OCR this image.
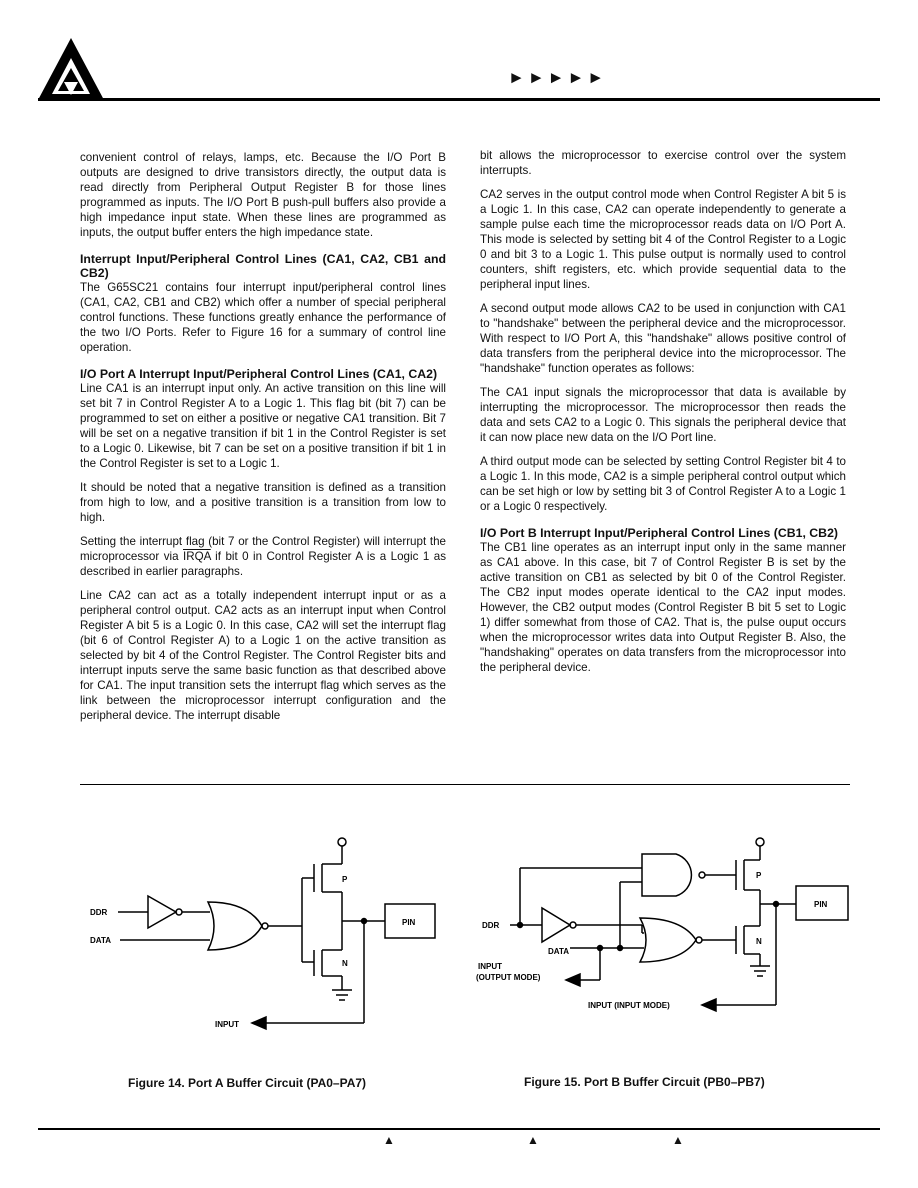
►►►►►

convenient control of relays, lamps, etc. Because the I/O Port B outputs are designed to drive transistors directly, the output data is read directly from Peripheral Output Register B for those lines programmed as inputs. The I/O Port B push-pull buffers also provide a high impedance input state. When these lines are programmed as inputs, the output buffer enters the high impedance state.

Interrupt Input/Peripheral Control Lines (CA1, CA2, CB1 and CB2)

The G65SC21 contains four interrupt input/peripheral control lines (CA1, CA2, CB1 and CB2) which offer a number of special peripheral control functions. These functions greatly enhance the performance of the two I/O Ports. Refer to Figure 16 for a summary of control line operation.

I/O Port A Interrupt Input/Peripheral Control Lines (CA1, CA2)

Line CA1 is an interrupt input only. An active transition on this line will set bit 7 in Control Register A to a Logic 1. This flag bit (bit 7) can be programmed to set on either a positive or negative CA1 transition. Bit 7 will be set on a negative transition if bit 1 in the Control Register is set to a Logic 0. Likewise, bit 7 can be set on a positive transition if bit 1 in the Control Register is set to a Logic 1.

It should be noted that a negative transition is defined as a transition from high to low, and a positive transition is a transition from low to high.

Setting the interrupt flag (bit 7 or the Control Register) will interrupt the microprocessor via IRQA if bit 0 in Control Register A is a Logic 1 as described in earlier paragraphs.

Line CA2 can act as a totally independent interrupt input or as a peripheral control output. CA2 acts as an interrupt input when Control Register A bit 5 is a Logic 0. In this case, CA2 will set the interrupt flag (bit 6 of Control Register A) to a Logic 1 on the active transition as selected by bit 4 of the Control Register. The Control Register bits and interrupt inputs serve the same basic function as that described above for CA1. The input transition sets the interrupt flag which serves as the link between the microprocessor interrupt configuration and the peripheral device. The interrupt disable

bit allows the microprocessor to exercise control over the system interrupts.

CA2 serves in the output control mode when Control Register A bit 5 is a Logic 1. In this case, CA2 can operate independently to generate a sample pulse each time the microprocessor reads data on I/O Port A. This mode is selected by setting bit 4 of the Control Register to a Logic 0 and bit 3 to a Logic 1. This pulse output is normally used to control counters, shift registers, etc. which provide sequential data to the peripheral input lines.

A second output mode allows CA2 to be used in conjunction with CA1 to "handshake" between the peripheral device and the microprocessor. With respect to I/O Port A, this "handshake" allows positive control of data transfers from the peripheral device into the microprocessor. The "handshake" function operates as follows:

The CA1 input signals the microprocessor that data is available by interrupting the microprocessor. The microprocessor then reads the data and sets CA2 to a Logic 0. This signals the peripheral device that it can now place new data on the I/O Port line.

A third output mode can be selected by setting Control Register bit 4 to a Logic 1. In this mode, CA2 is a simple peripheral control output which can be set high or low by setting bit 3 of Control Register A to a Logic 1 or a Logic 0 respectively.

I/O Port B Interrupt Input/Peripheral Control Lines (CB1, CB2)

The CB1 line operates as an interrupt input only in the same manner as CA1 above. In this case, bit 7 of Control Register B is set by the active transition on CB1 as selected by bit 0 of the Control Register. The CB2 input modes operate identical to the CA2 input modes. However, the CB2 output modes (Control Register B bit 5 set to Logic 1) differ somewhat from those of CA2. That is, the pulse ouput occurs when the microprocessor writes data into Output Register B. Also, the "handshaking" operates on data transfers from the microprocessor into the peripheral device.

DDR
DATA
P
N
PIN
INPUT
Figure 14. Port A Buffer Circuit (PA0–PA7)
DDR
DATA
P
N
PIN
INPUT (INPUT MODE)
INPUT
(OUTPUT MODE)
Figure 15. Port B Buffer Circuit (PB0–PB7)
▲	▲	▲
